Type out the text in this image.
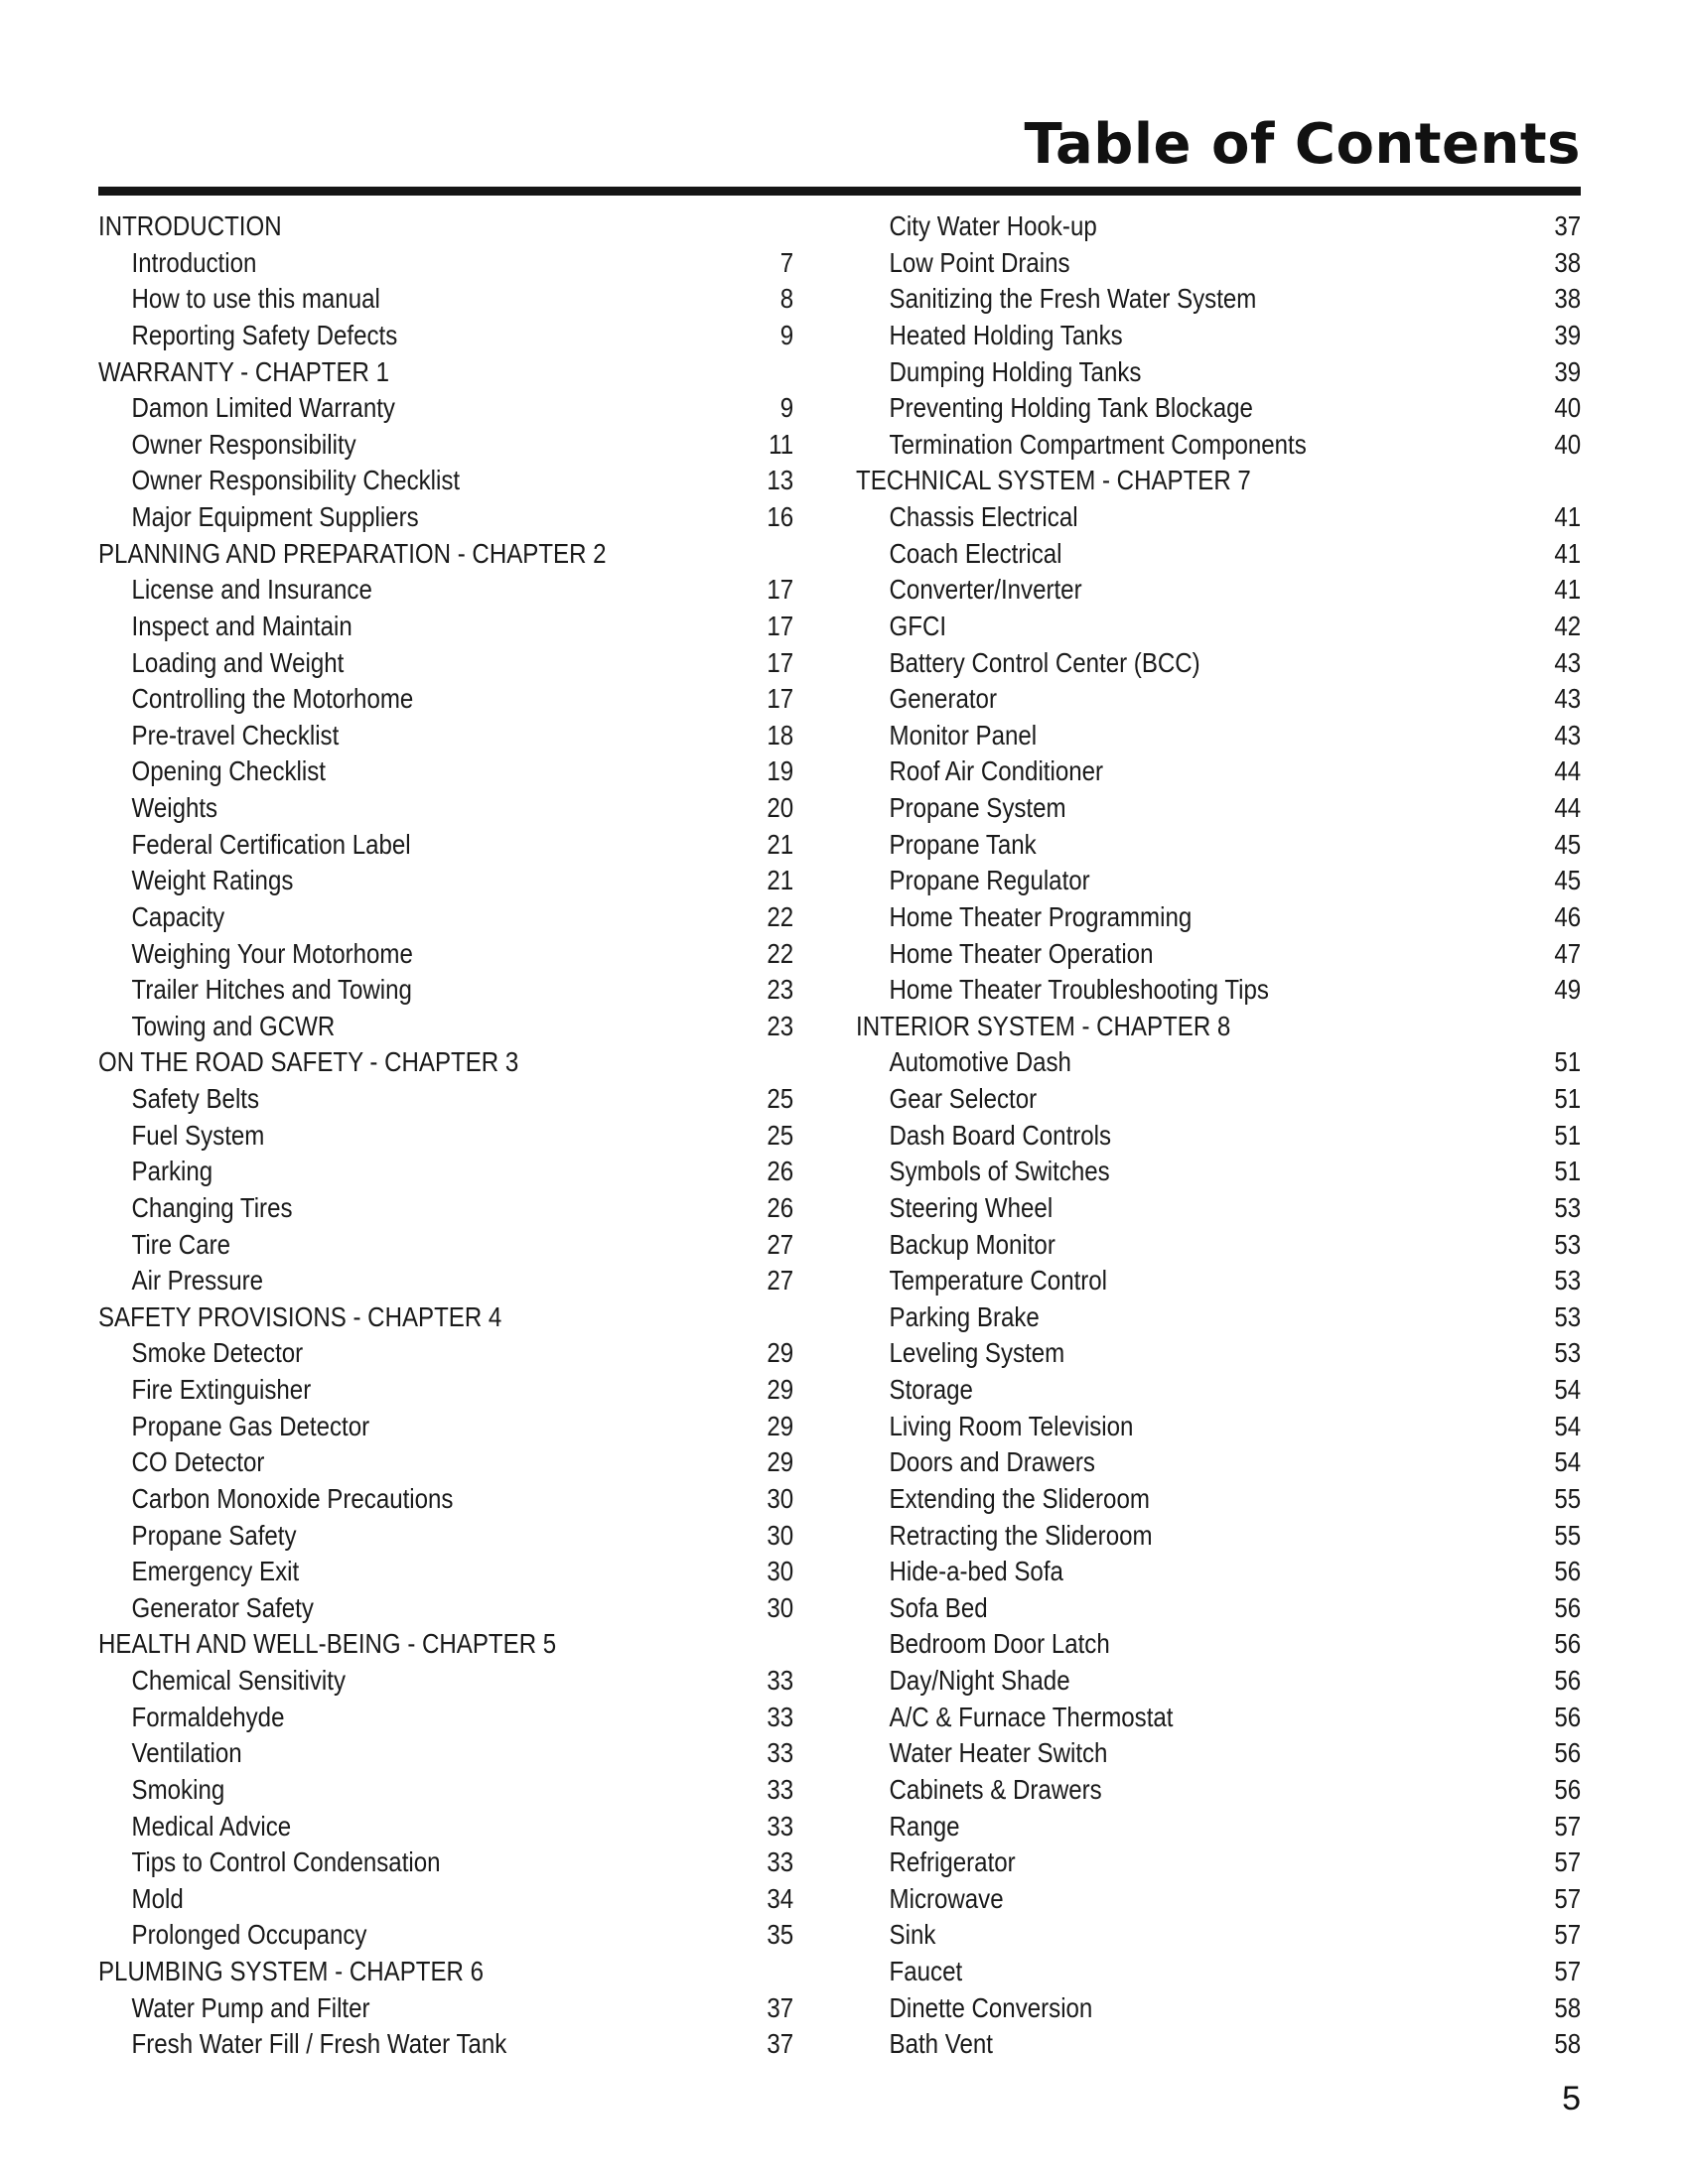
Table of Contents
INTRODUCTION
Introduction	7
How to use this manual	8
Reporting Safety Defects	9
WARRANTY - CHAPTER 1
Damon Limited Warranty	9
Owner Responsibility	11
Owner Responsibility Checklist	13
Major Equipment Suppliers	16
PLANNING AND PREPARATION - CHAPTER 2
License and Insurance	17
Inspect and Maintain	17
Loading and Weight	17
Controlling the Motorhome	17
Pre-travel Checklist	18
Opening Checklist	19
Weights	20
Federal Certification Label	21
Weight Ratings	21
Capacity	22
Weighing Your Motorhome	22
Trailer Hitches and Towing	23
Towing and GCWR	23
ON THE ROAD SAFETY - CHAPTER 3
Safety Belts	25
Fuel System	25
Parking	26
Changing Tires	26
Tire Care	27
Air Pressure	27
SAFETY PROVISIONS - CHAPTER 4
Smoke Detector	29
Fire Extinguisher	29
Propane Gas Detector	29
CO Detector	29
Carbon Monoxide Precautions	30
Propane Safety	30
Emergency Exit	30
Generator Safety	30
HEALTH AND WELL-BEING - CHAPTER 5
Chemical Sensitivity	33
Formaldehyde	33
Ventilation	33
Smoking	33
Medical Advice	33
Tips to Control Condensation	33
Mold	34
Prolonged Occupancy	35
PLUMBING SYSTEM - CHAPTER 6
Water Pump and Filter	37
Fresh Water Fill / Fresh Water Tank	37
City Water Hook-up	37
Low Point Drains	38
Sanitizing the Fresh Water System	38
Heated Holding Tanks	39
Dumping Holding Tanks	39
Preventing Holding Tank Blockage	40
Termination Compartment Components	40
TECHNICAL SYSTEM - CHAPTER 7
Chassis Electrical	41
Coach Electrical	41
Converter/Inverter	41
GFCI	42
Battery Control Center (BCC)	43
Generator	43
Monitor Panel	43
Roof Air Conditioner	44
Propane System	44
Propane Tank	45
Propane Regulator	45
Home Theater Programming	46
Home Theater Operation	47
Home Theater Troubleshooting Tips	49
INTERIOR SYSTEM - CHAPTER 8
Automotive Dash	51
Gear Selector	51
Dash Board Controls	51
Symbols of Switches	51
Steering Wheel	53
Backup Monitor	53
Temperature Control	53
Parking Brake	53
Leveling System	53
Storage	54
Living Room Television	54
Doors and Drawers	54
Extending the Slideroom	55
Retracting the Slideroom	55
Hide-a-bed Sofa	56
Sofa Bed	56
Bedroom Door Latch	56
Day/Night Shade	56
A/C & Furnace Thermostat	56
Water Heater Switch	56
Cabinets & Drawers	56
Range	57
Refrigerator	57
Microwave	57
Sink	57
Faucet	57
Dinette Conversion	58
Bath Vent	58
5
